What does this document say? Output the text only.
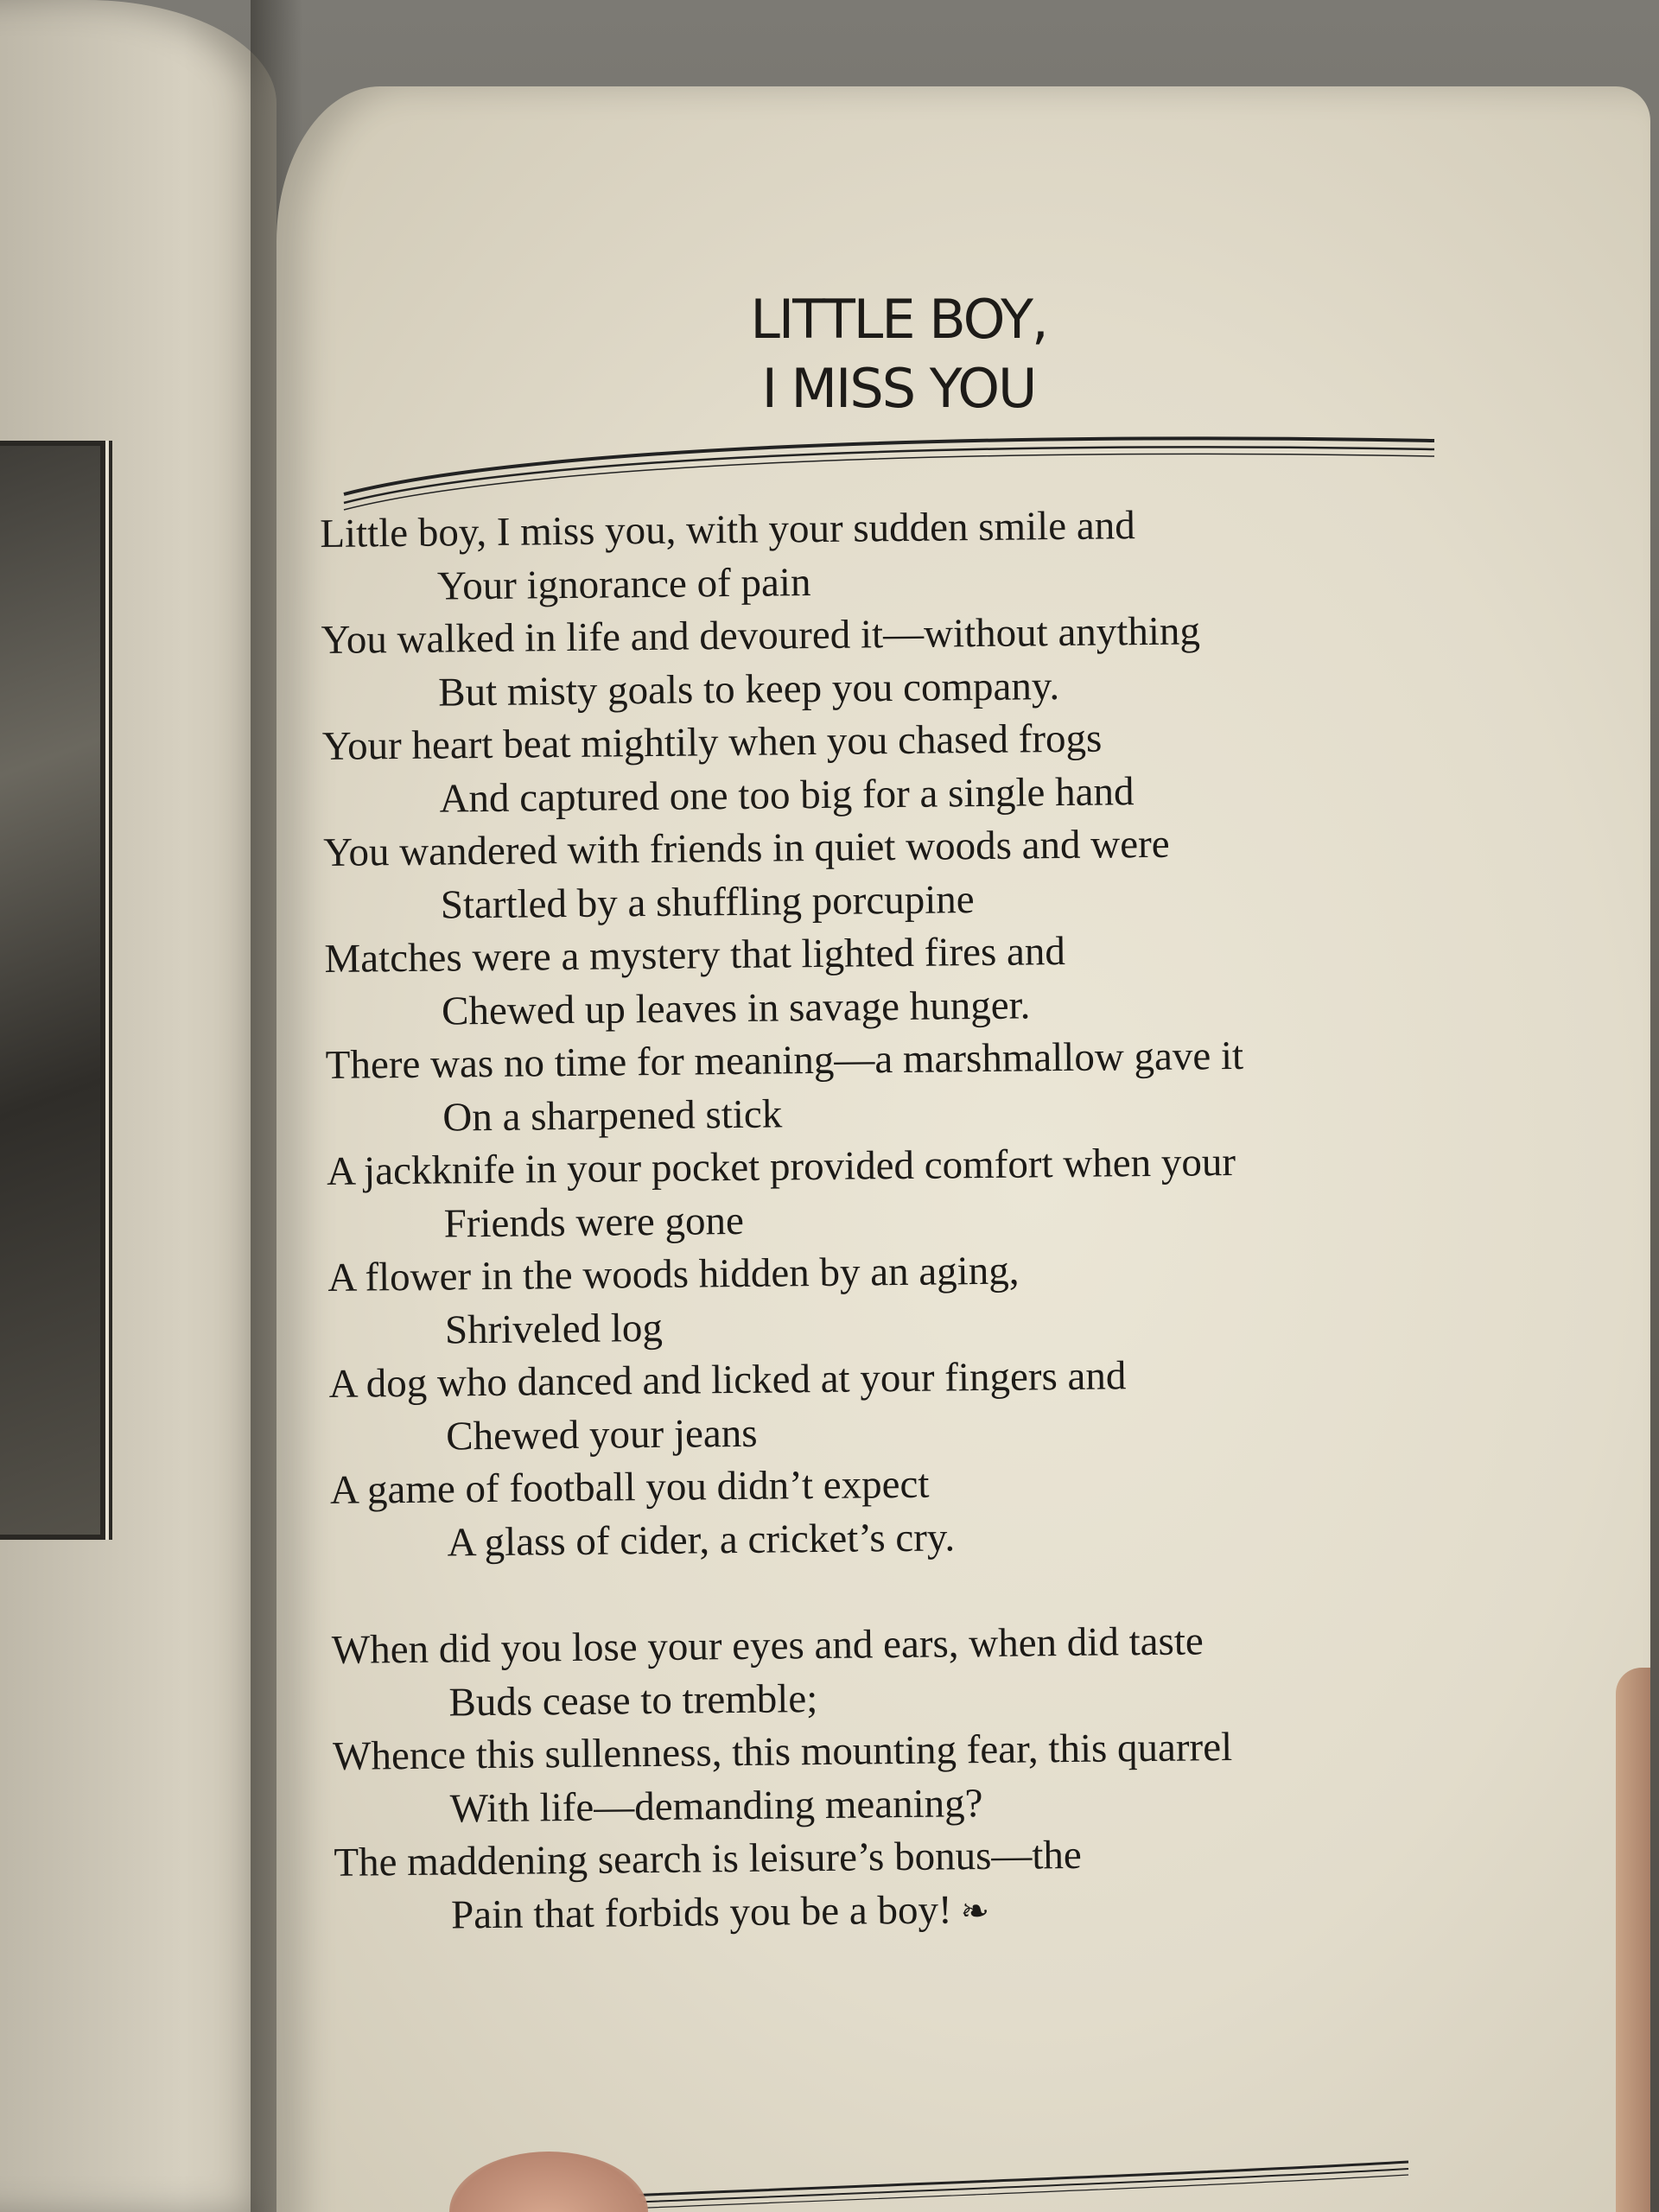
LITTLE BOY,
I MISS YOU
Little boy, I miss you, with your sudden smile and
Your ignorance of pain
You walked in life and devoured it—without anything
But misty goals to keep you company.
Your heart beat mightily when you chased frogs
And captured one too big for a single hand
You wandered with friends in quiet woods and were
Startled by a shuffling porcupine
Matches were a mystery that lighted fires and
Chewed up leaves in savage hunger.
There was no time for meaning—a marshmallow gave it
On a sharpened stick
A jackknife in your pocket provided comfort when your
Friends were gone
A flower in the woods hidden by an aging,
Shriveled log
A dog who danced and licked at your fingers and
Chewed your jeans
A game of football you didn’t expect
A glass of cider, a cricket’s cry.
When did you lose your eyes and ears, when did taste
Buds cease to tremble;
Whence this sullenness, this mounting fear, this quarrel
With life—demanding meaning?
The maddening search is leisure’s bonus—the
Pain that forbids you be a boy! ❧
